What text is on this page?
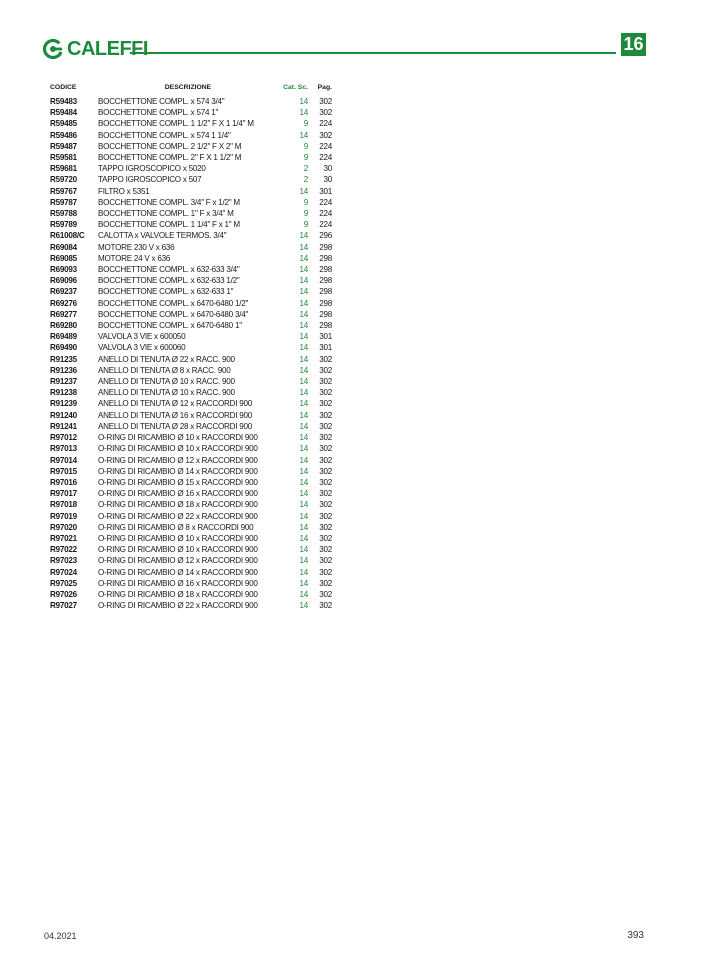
CALEFFI	16
CODICE	DESCRIZIONE	Cat. Sc.	Pag.
R59483	BOCCHETTONE COMPL. x 574 3/4"	14	302
R59484	BOCCHETTONE COMPL. x 574 1"	14	302
R59485	BOCCHETTONE COMPL. 1 1/2" F X 1 1/4" M	9	224
R59486	BOCCHETTONE COMPL. x 574 1 1/4"	14	302
R59487	BOCCHETTONE COMPL. 2 1/2" F X 2" M	9	224
R59581	BOCCHETTONE COMPL. 2" F X 1 1/2" M	9	224
R59681	TAPPO IGROSCOPICO x 5020	2	30
R59720	TAPPO IGROSCOPICO x 507	2	30
R59767	FILTRO x 5351	14	301
R59787	BOCCHETTONE COMPL. 3/4" F x 1/2" M	9	224
R59788	BOCCHETTONE COMPL. 1" F x 3/4" M	9	224
R59789	BOCCHETTONE COMPL. 1 1/4" F x 1" M	9	224
R61008/C	CALOTTA x VALVOLE TERMOS. 3/4"	14	296
R69084	MOTORE 230 V x 636	14	298
R69085	MOTORE 24 V x 636	14	298
R69093	BOCCHETTONE COMPL. x 632-633 3/4"	14	298
R69096	BOCCHETTONE COMPL. x 632-633 1/2"	14	298
R69237	BOCCHETTONE COMPL. x 632-633 1"	14	298
R69276	BOCCHETTONE COMPL. x 6470-6480 1/2"	14	298
R69277	BOCCHETTONE COMPL. x 6470-6480 3/4"	14	298
R69280	BOCCHETTONE COMPL. x 6470-6480 1"	14	298
R69489	VALVOLA 3 VIE x 600050	14	301
R69490	VALVOLA 3 VIE x 600060	14	301
R91235	ANELLO DI TENUTA Ø 22 x RACC. 900	14	302
R91236	ANELLO DI TENUTA Ø 8 x RACC. 900	14	302
R91237	ANELLO DI TENUTA Ø 10 x RACC. 900	14	302
R91238	ANELLO DI TENUTA Ø 10 x RACC. 900	14	302
R91239	ANELLO DI TENUTA Ø 12 x RACCORDI 900	14	302
R91240	ANELLO DI TENUTA Ø 16 x RACCORDI 900	14	302
R91241	ANELLO DI TENUTA Ø 28 x RACCORDI 900	14	302
R97012	O-RING DI RICAMBIO Ø 10 x RACCORDI 900	14	302
R97013	O-RING DI RICAMBIO Ø 10 x RACCORDI 900	14	302
R97014	O-RING DI RICAMBIO Ø 12 x RACCORDI 900	14	302
R97015	O-RING DI RICAMBIO Ø 14 x RACCORDI 900	14	302
R97016	O-RING DI RICAMBIO Ø 15 x RACCORDI 900	14	302
R97017	O-RING DI RICAMBIO Ø 16 x RACCORDI 900	14	302
R97018	O-RING DI RICAMBIO Ø 18 x RACCORDI 900	14	302
R97019	O-RING DI RICAMBIO Ø 22 x RACCORDI 900	14	302
R97020	O-RING DI RICAMBIO Ø 8 x RACCORDI 900	14	302
R97021	O-RING DI RICAMBIO Ø 10 x RACCORDI 900	14	302
R97022	O-RING DI RICAMBIO Ø 10 x RACCORDI 900	14	302
R97023	O-RING DI RICAMBIO Ø 12 x RACCORDI 900	14	302
R97024	O-RING DI RICAMBIO Ø 14 x RACCORDI 900	14	302
R97025	O-RING DI RICAMBIO Ø 16 x RACCORDI 900	14	302
R97026	O-RING DI RICAMBIO Ø 18 x RACCORDI 900	14	302
R97027	O-RING DI RICAMBIO Ø 22 x RACCORDI 900	14	302
04.2021	393
